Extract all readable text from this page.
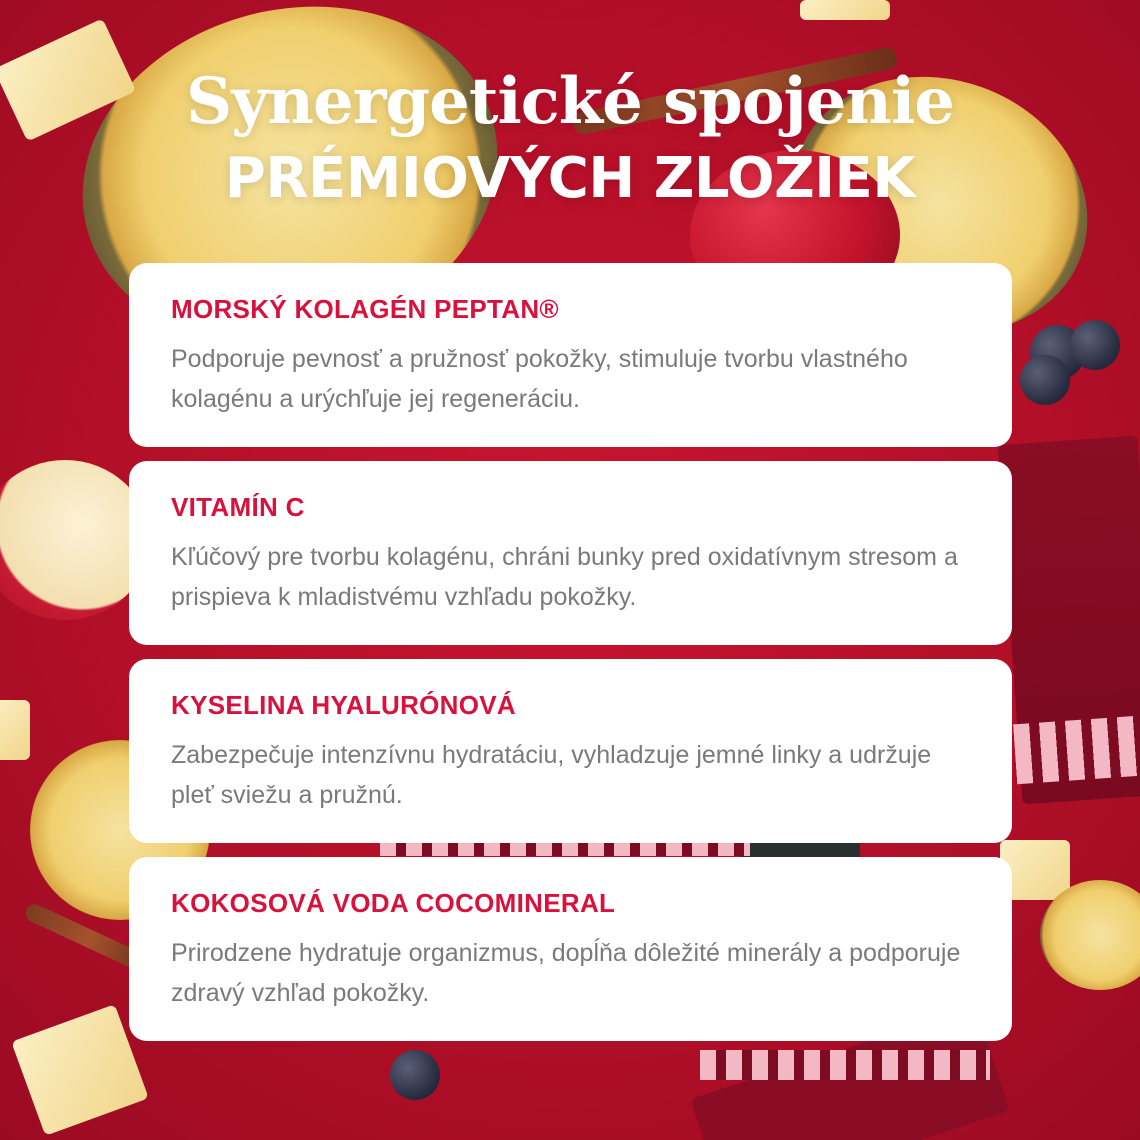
Synergetické spojenie
PRÉMIOVÝCH ZLOŽIEK

MORSKÝ KOLAGÉN PEPTAN®

Podporuje pevnosť a pružnosť pokožky, stimuluje tvorbu vlastného kolagénu a urýchľuje jej regeneráciu.

VITAMÍN C

Kľúčový pre tvorbu kolagénu, chráni bunky pred oxidatívnym stresom a prispieva k mladistvému vzhľadu pokožky.

KYSELINA HYALURÓNOVÁ

Zabezpečuje intenzívnu hydratáciu, vyhladzuje jemné linky a udržuje pleť sviežu a pružnú.

KOKOSOVÁ VODA COCOMINERAL

Prirodzene hydratuje organizmus, dopĺňa dôležité minerály a podporuje zdravý vzhľad pokožky.
